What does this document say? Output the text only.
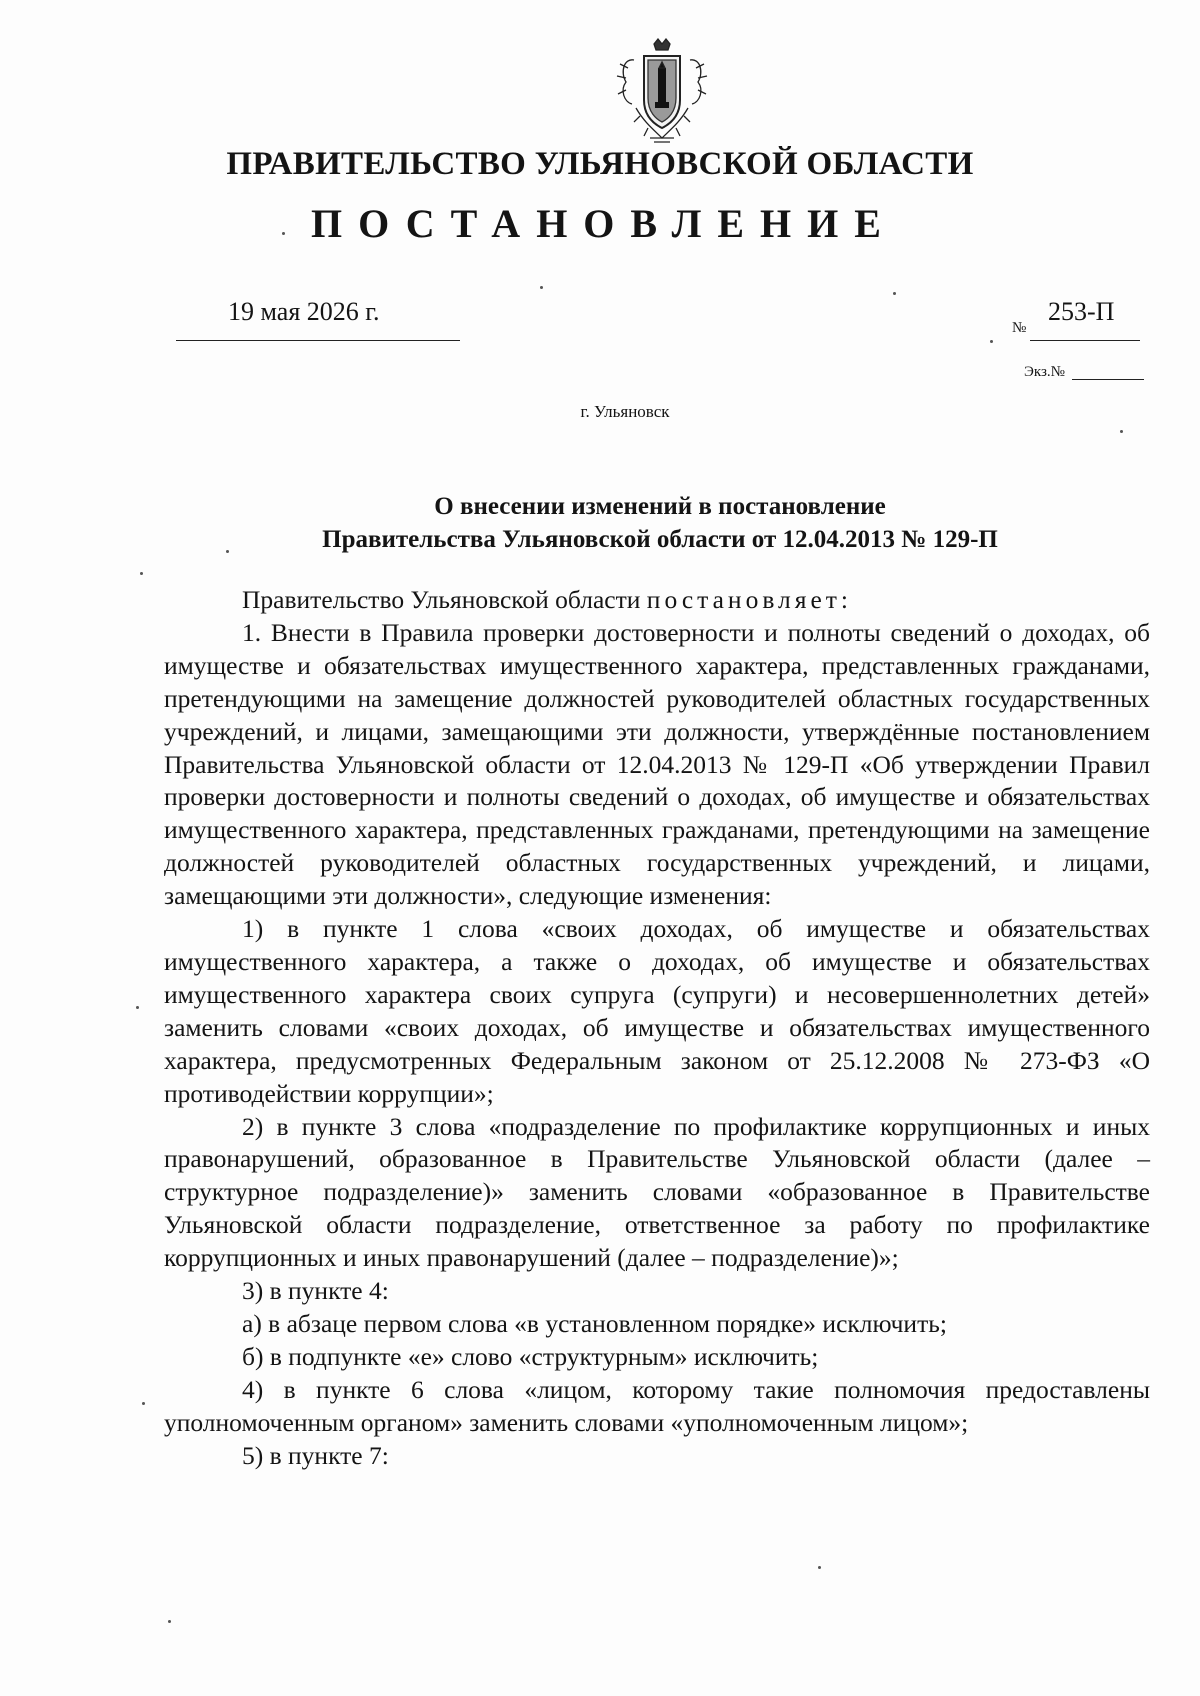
ПРАВИТЕЛЬСТВО УЛЬЯНОВСКОЙ ОБЛАСТИ
ПОСТАНОВЛЕНИЕ
19 мая 2026 г.
№
253-П
Экз.№
г. Ульяновск
О внесении изменений в постановление
Правительства Ульяновской области от 12.04.2013 № 129-П

Правительство Ульяновской области постановляет:

1. Внести в Правила проверки достоверности и полноты сведений о доходах, об имуществе и обязательствах имущественного характера, представленных гражданами, претендующими на замещение должностей руководителей областных государственных учреждений, и лицами, замещающими эти должности, утверждённые постановлением Правительства Ульяновской области от 12.04.2013 № 129-П «Об утверждении Правил проверки достоверности и полноты сведений о доходах, об имуществе и обязательствах имущественного характера, представленных гражданами, претендующими на замещение должностей руководителей областных государственных учреждений, и лицами, замещающими эти должности», следующие изменения:

1) в пункте 1 слова «своих доходах, об имуществе и обязательствах имущественного характера, а также о доходах, об имуществе и обязательствах имущественного характера своих супруга (супруги) и несовершеннолетних детей» заменить словами «своих доходах, об имуществе и обязательствах имущественного характера, предусмотренных Федеральным законом от 25.12.2008 № 273-ФЗ «О противодействии коррупции»;

2) в пункте 3 слова «подразделение по профилактике коррупционных и иных правонарушений, образованное в Правительстве Ульяновской области (далее – структурное подразделение)» заменить словами «образованное в Правительстве Ульяновской области подразделение, ответственное за работу по профилактике коррупционных и иных правонарушений (далее – подразделение)»;

3) в пункте 4:

а) в абзаце первом слова «в установленном порядке» исключить;

б) в подпункте «е» слово «структурным» исключить;

4) в пункте 6 слова «лицом, которому такие полномочия предоставлены уполномоченным органом» заменить словами «уполномоченным лицом»;

5) в пункте 7:
